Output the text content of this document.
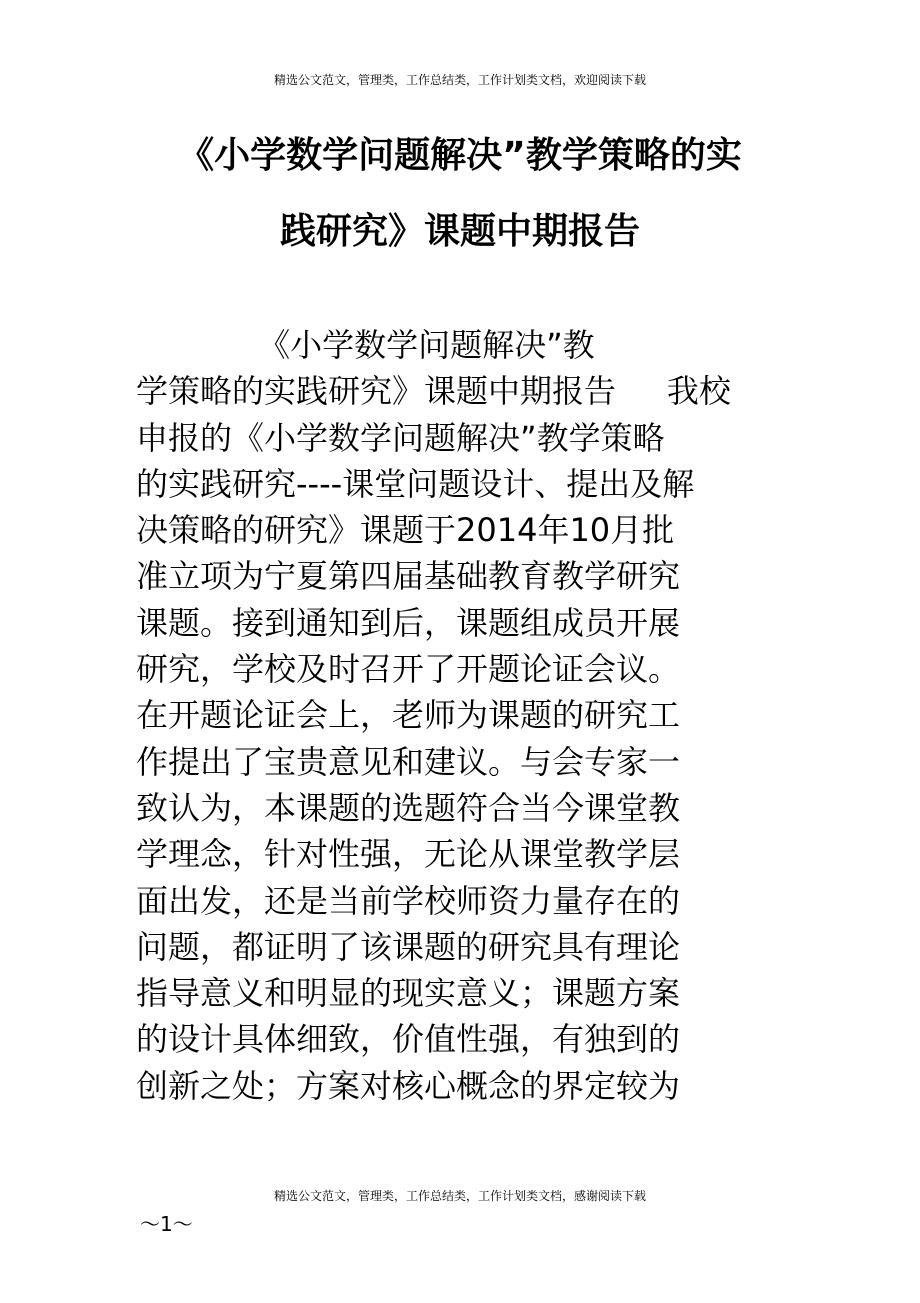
精选公文范文，管理类，工作总结类，工作计划类文档，欢迎阅读下载
《小学数学问题解决”教学策略的实
践研究》课题中期报告
《小学数学问题解决”教
学策略的实践研究》课题中期报告     我校
申报的《小学数学问题解决”教学策略
的实践研究----课堂问题设计、提出及解
决策略的研究》课题于2014年10月批
准立项为宁夏第四届基础教育教学研究
课题。接到通知到后，课题组成员开展
研究，学校及时召开了开题论证会议。
在开题论证会上，老师为课题的研究工
作提出了宝贵意见和建议。与会专家一
致认为，本课题的选题符合当今课堂教
学理念，针对性强，无论从课堂教学层
面出发，还是当前学校师资力量存在的
问题，都证明了该课题的研究具有理论
指导意义和明显的现实意义；课题方案
的设计具体细致，价值性强，有独到的
创新之处；方案对核心概念的界定较为
精选公文范文，管理类，工作总结类，工作计划类文档，感谢阅读下载
～1～
